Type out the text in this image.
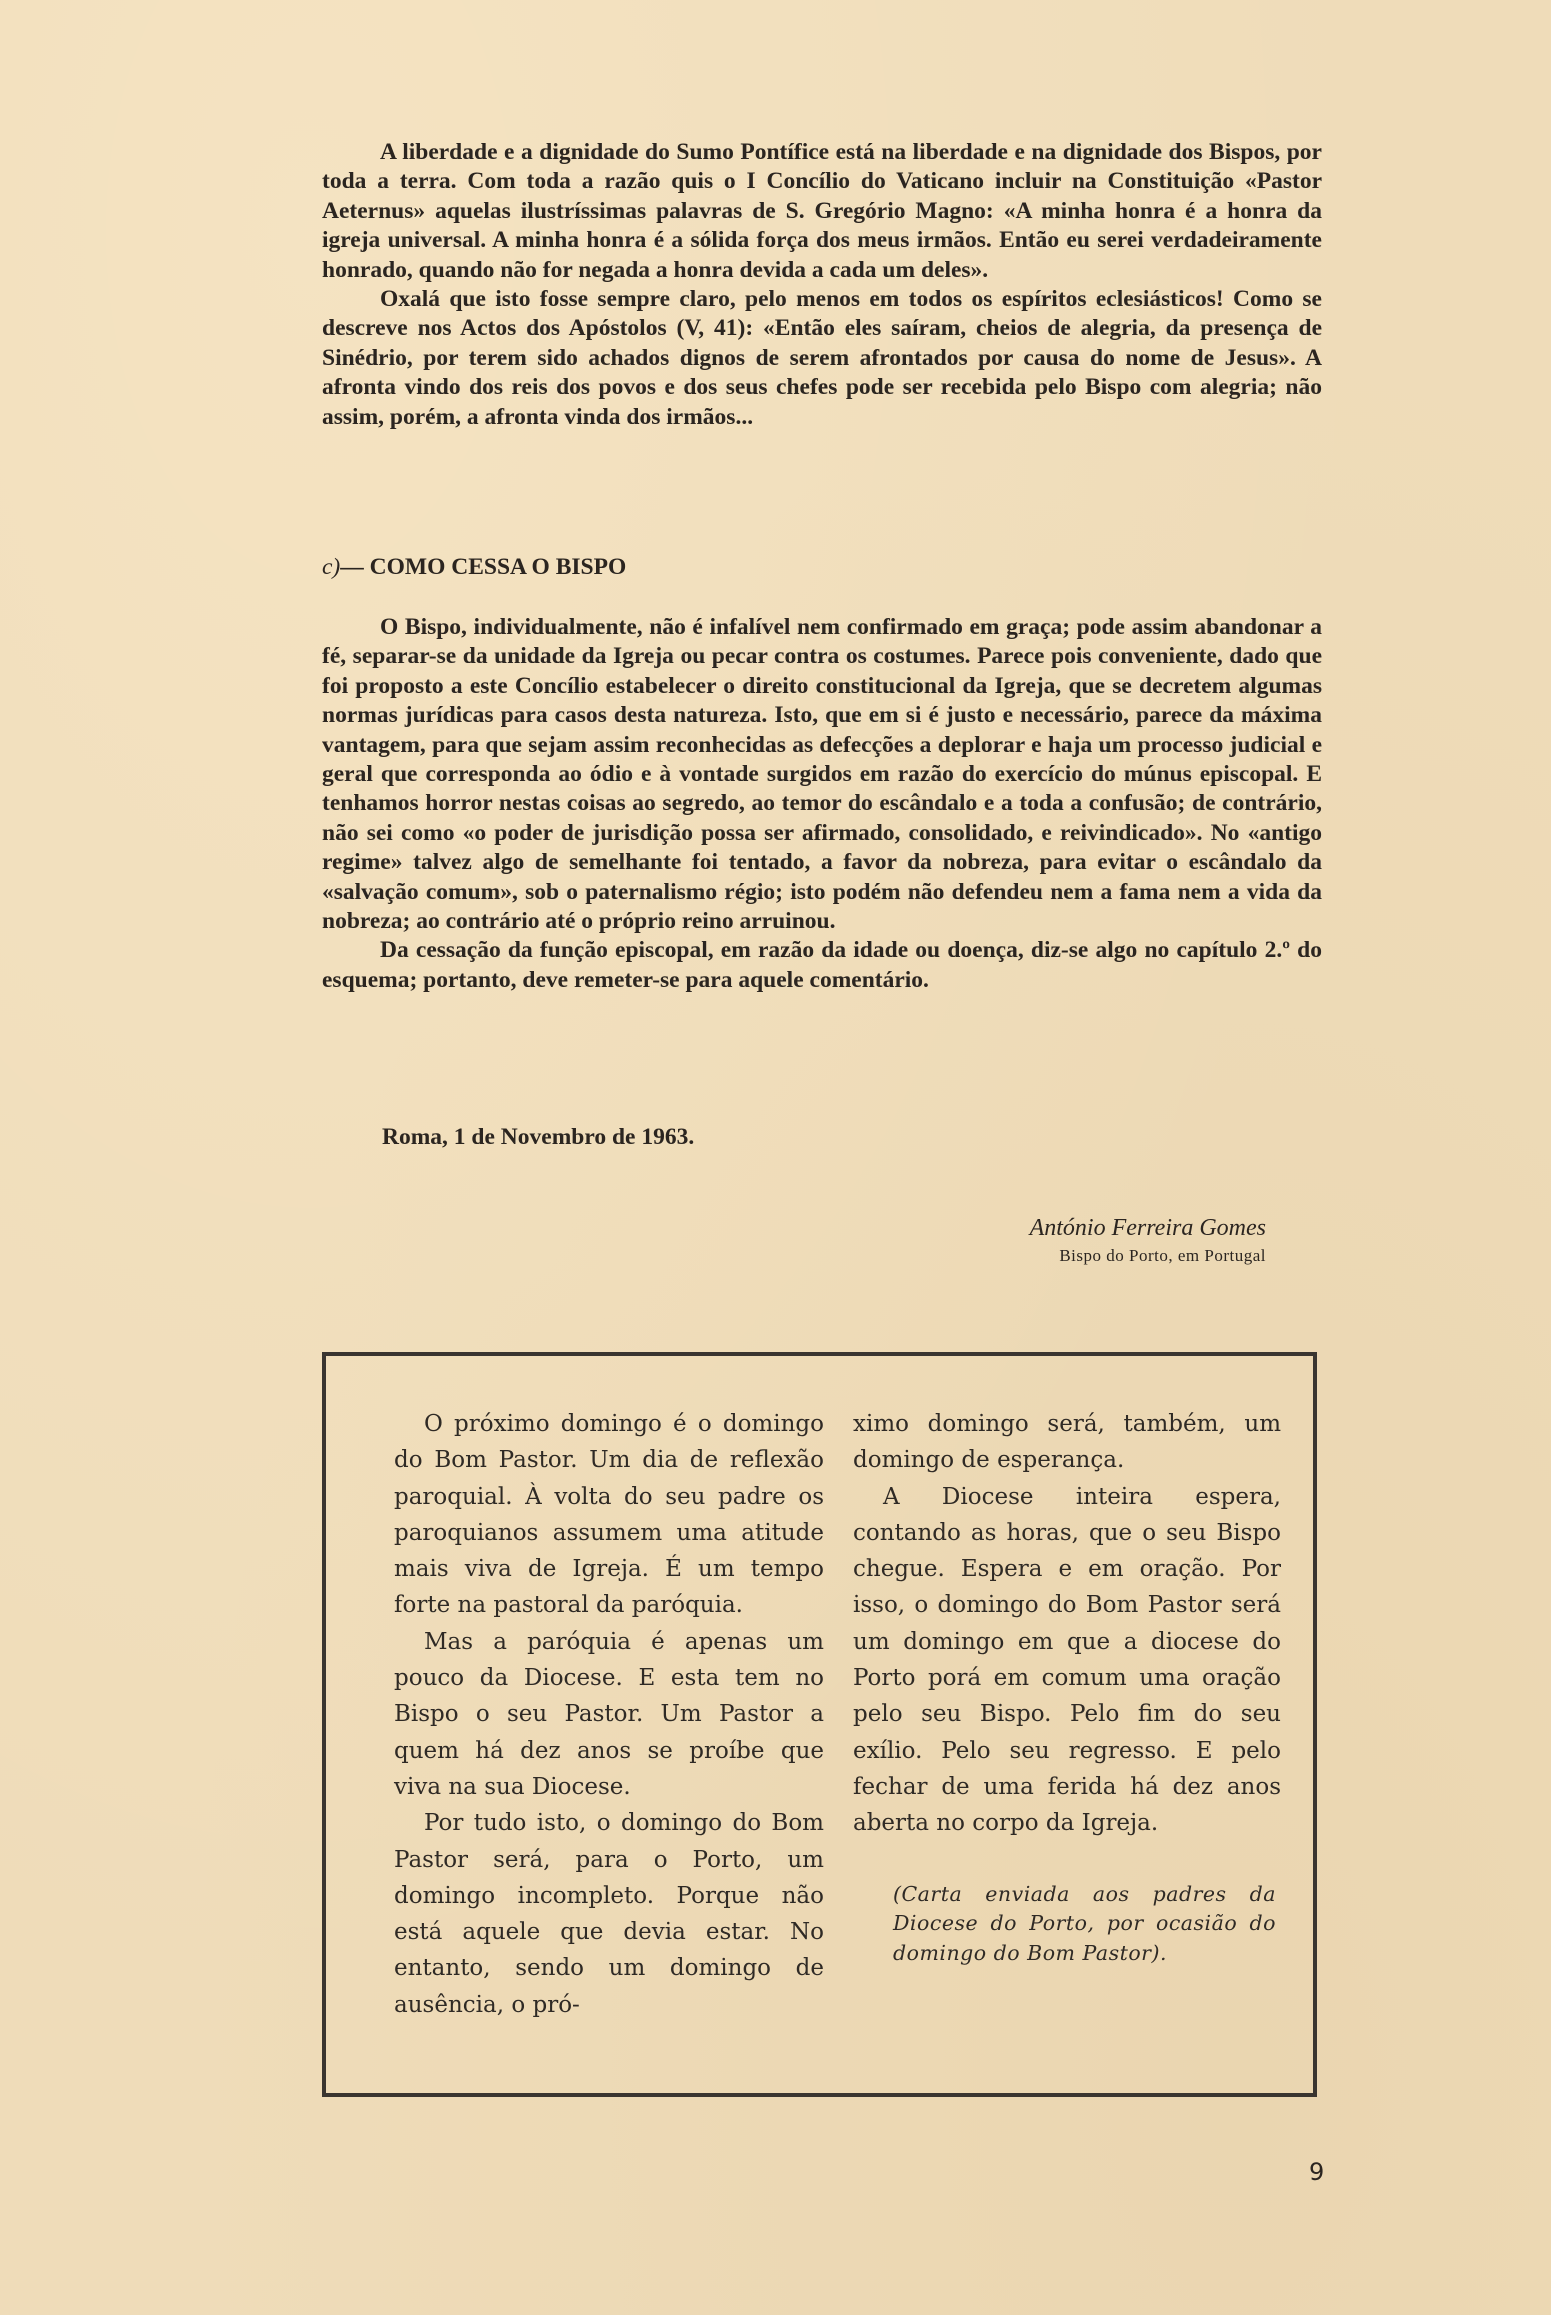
A liberdade e a dignidade do Sumo Pontífice está na liberdade e na dignidade dos Bispos, por toda a terra. Com toda a razão quis o I Concílio do Vaticano incluir na Constituição «Pastor Aeternus» aquelas ilustríssimas palavras de S. Gregório Magno: «A minha honra é a honra da igreja universal. A minha honra é a sólida força dos meus irmãos. Então eu serei verdadeiramente honrado, quando não for negada a honra devida a cada um deles».

Oxalá que isto fosse sempre claro, pelo menos em todos os espíritos eclesiásticos! Como se descreve nos Actos dos Apóstolos (V, 41): «Então eles saíram, cheios de alegria, da presença de Sinédrio, por terem sido achados dignos de serem afrontados por causa do nome de Jesus». A afronta vindo dos reis dos povos e dos seus chefes pode ser recebida pelo Bispo com alegria; não assim, porém, a afronta vinda dos irmãos...

c)— COMO CESSA O BISPO

O Bispo, individualmente, não é infalível nem confirmado em graça; pode assim abandonar a fé, separar-se da unidade da Igreja ou pecar contra os costumes. Parece pois conveniente, dado que foi proposto a este Concílio estabelecer o direito constitucional da Igreja, que se decretem algumas normas jurídicas para casos desta natureza. Isto, que em si é justo e necessário, parece da máxima vantagem, para que sejam assim reconhecidas as defecções a deplorar e haja um processo judicial e geral que corresponda ao ódio e à vontade surgidos em razão do exercício do múnus episcopal. E tenhamos horror nestas coisas ao segredo, ao temor do escândalo e a toda a confusão; de contrário, não sei como «o poder de jurisdição possa ser afirmado, consolidado, e reivindicado». No «antigo regime» talvez algo de semelhante foi tentado, a favor da nobreza, para evitar o escândalo da «salvação comum», sob o paternalismo régio; isto podém não defendeu nem a fama nem a vida da nobreza; ao contrário até o próprio reino arruinou.

Da cessação da função episcopal, em razão da idade ou doença, diz-se algo no capítulo 2.º do esquema; portanto, deve remeter-se para aquele comentário.

Roma, 1 de Novembro de 1963.
António Ferreira Gomes
Bispo do Porto, em Portugal

O próximo domingo é o domingo do Bom Pastor. Um dia de reflexão paroquial. À volta do seu padre os paroquianos assumem uma atitude mais viva de Igreja. É um tempo forte na pastoral da paróquia.

Mas a paróquia é apenas um pouco da Diocese. E esta tem no Bispo o seu Pastor. Um Pastor a quem há dez anos se proíbe que viva na sua Diocese.

Por tudo isto, o domingo do Bom Pastor será, para o Porto, um domingo incompleto. Porque não está aquele que devia estar. No entanto, sendo um domingo de ausência, o pró-

ximo domingo será, também, um domingo de esperança.

A Diocese inteira espera, contando as horas, que o seu Bispo chegue. Espera e em oração. Por isso, o domingo do Bom Pastor será um domingo em que a diocese do Porto porá em comum uma oração pelo seu Bispo. Pelo fim do seu exílio. Pelo seu regresso. E pelo fechar de uma ferida há dez anos aberta no corpo da Igreja.

(Carta enviada aos padres da Diocese do Porto, por ocasião do domingo do Bom Pastor).

9
